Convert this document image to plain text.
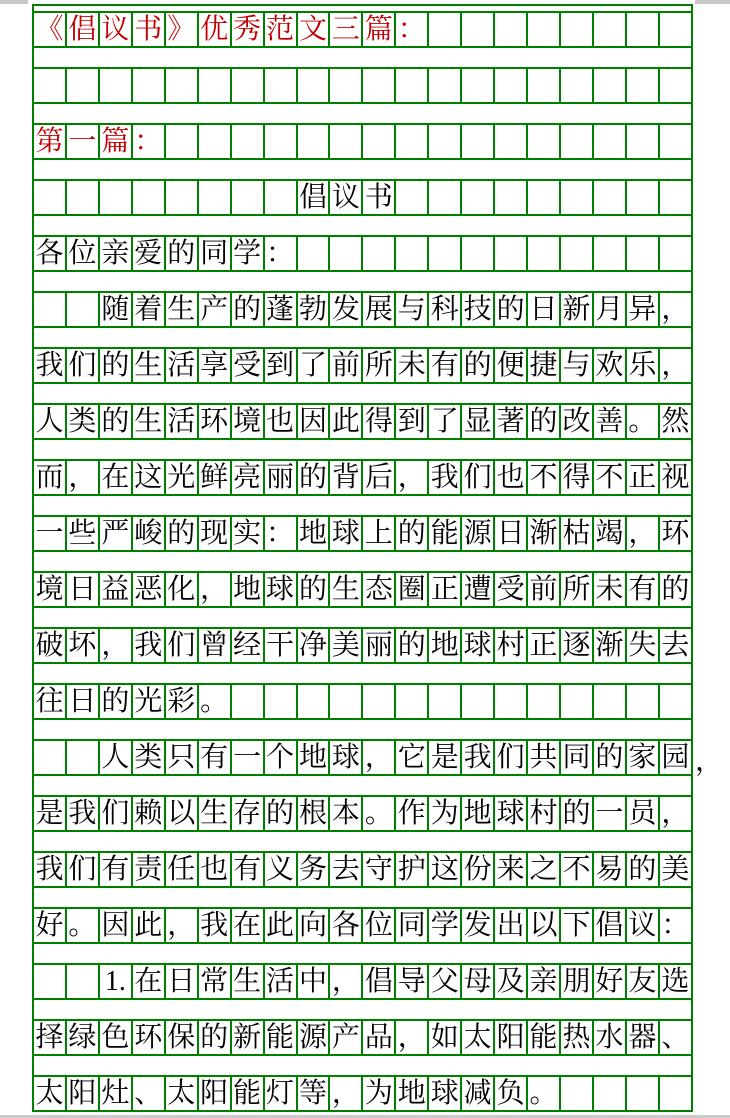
《	倡	议	书	》	优	秀	范	文	三	篇	：								

第	一	篇	：																

								倡	议	书									

各	位	亲	爱	的	同	学	：												

		随	着	生	产	的	蓬	勃	发	展	与	科	技	的	日	新	月	异	，

我	们	的	生	活	享	受	到	了	前	所	未	有	的	便	捷	与	欢	乐	，

人	类	的	生	活	环	境	也	因	此	得	到	了	显	著	的	改	善	。	然

而	，	在	这	光	鲜	亮	丽	的	背	后	，	我	们	也	不	得	不	正	视

一	些	严	峻	的	现	实	：	地	球	上	的	能	源	日	渐	枯	竭	，	环

境	日	益	恶	化	，	地	球	的	生	态	圈	正	遭	受	前	所	未	有	的

破	坏	，	我	们	曾	经	干	净	美	丽	的	地	球	村	正	逐	渐	失	去

往	日	的	光	彩	。														

		人	类	只	有	一	个	地	球	，	它	是	我	们	共	同	的	家	园 ，

是	我	们	赖	以	生	存	的	根	本	。	作	为	地	球	村	的	一	员	，

我	们	有	责	任	也	有	义	务	去	守	护	这	份	来	之	不	易	的	美

好	。	因	此	，	我	在	此	向	各	位	同	学	发	出	以	下	倡	议	：

		1.	在	日	常	生	活	中	，	倡	导	父	母	及	亲	朋	好	友	选

择	绿	色	环	保	的	新	能	源	产	品	，	如	太	阳	能	热	水	器	、

太	阳	灶	、	太	阳	能	灯	等	，	为	地	球	减	负	。				
